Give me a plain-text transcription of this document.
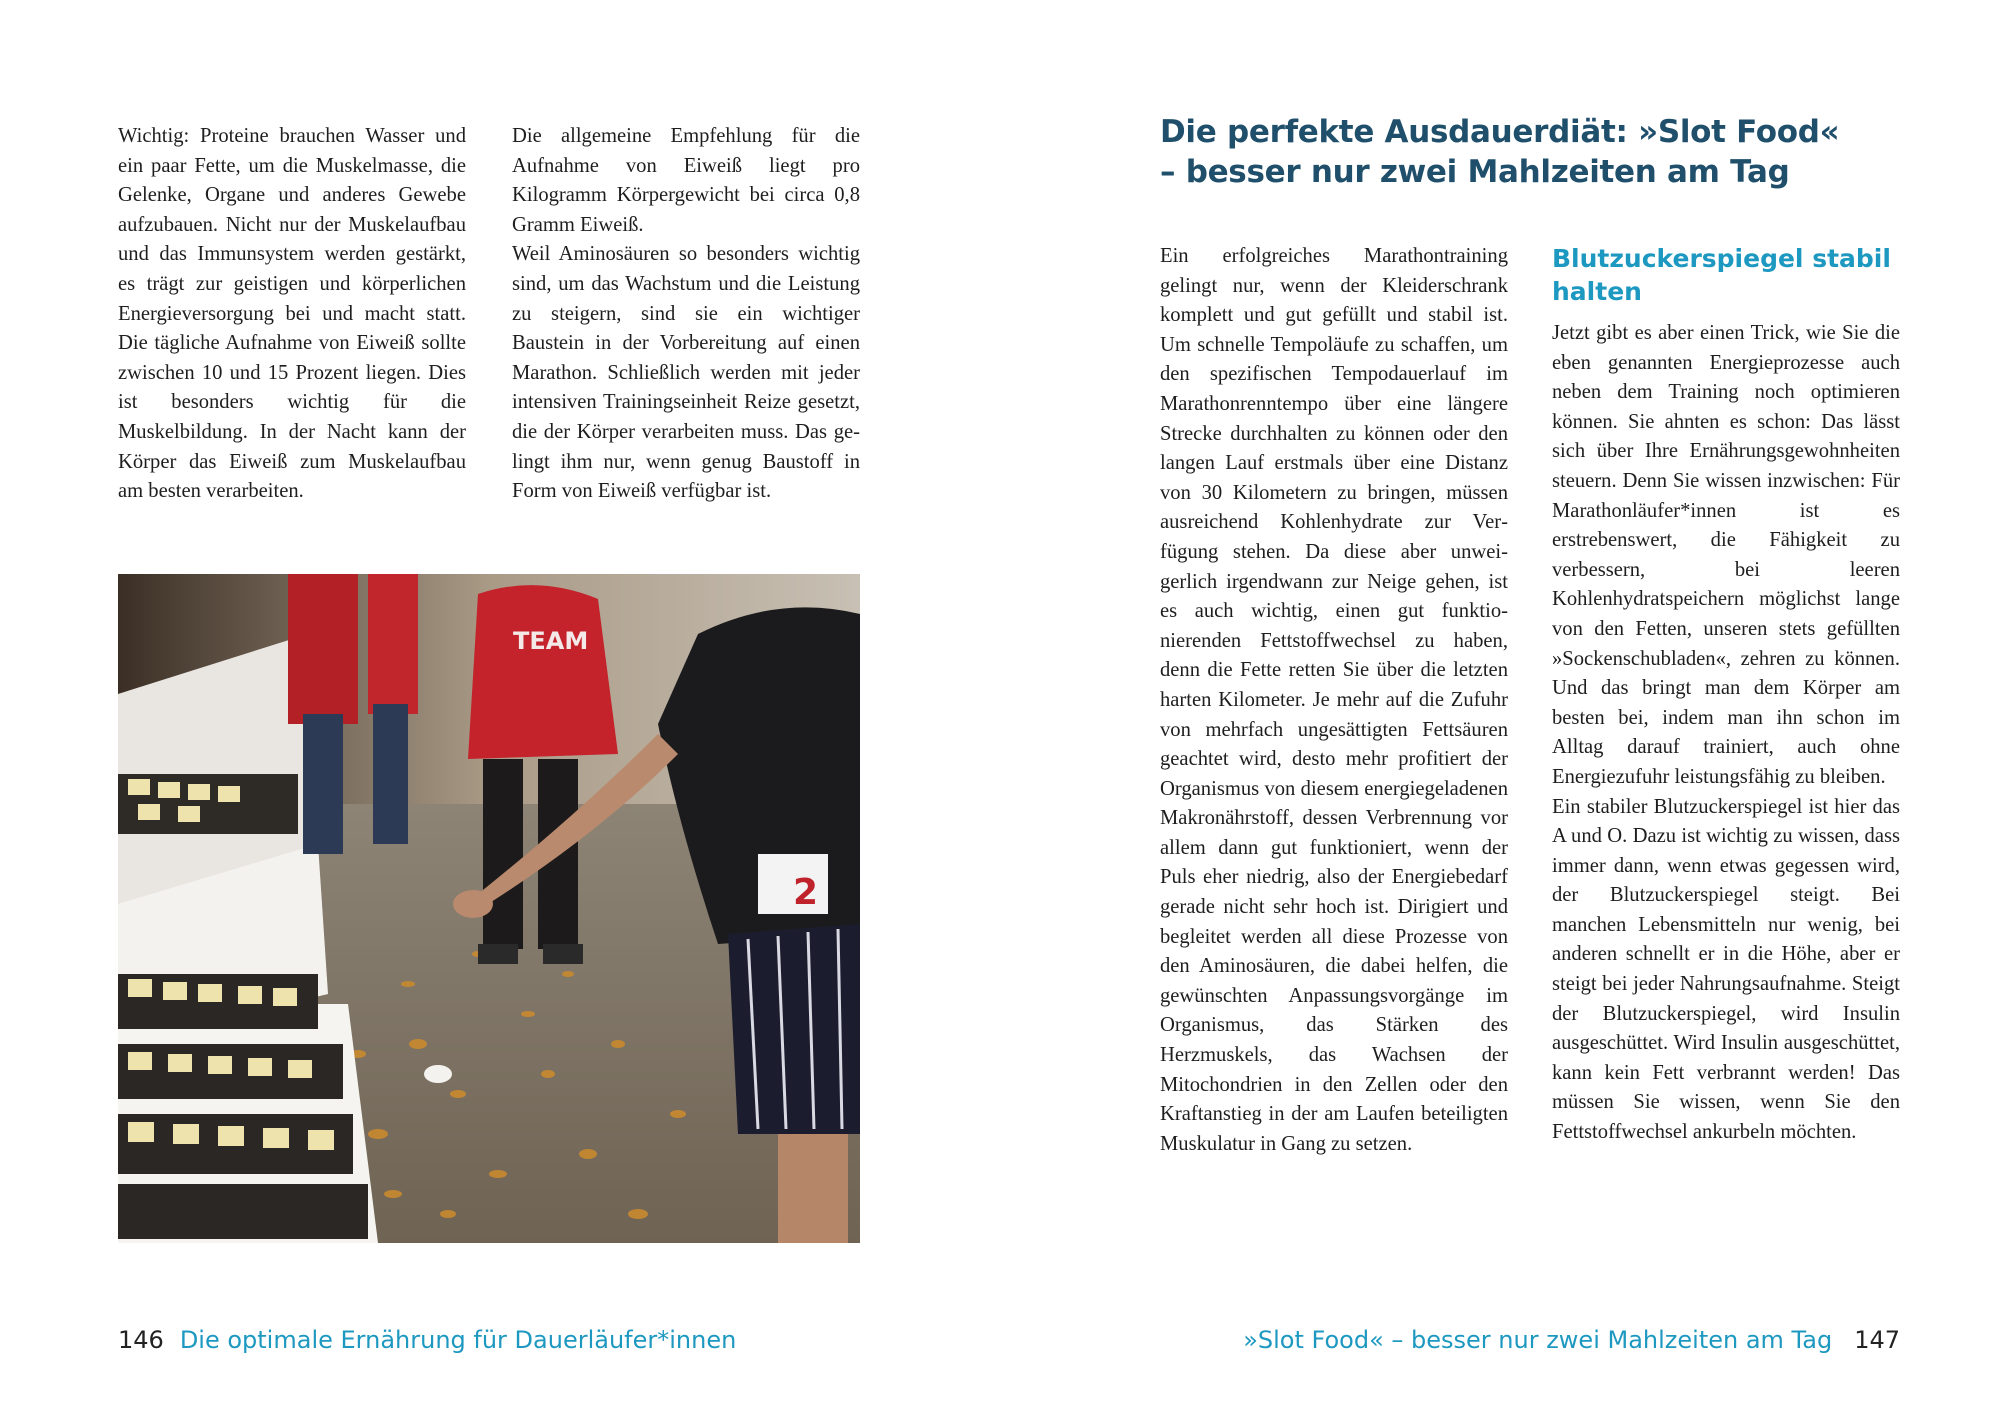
Wichtig: Proteine brauchen Wasser und ein paar Fette, um die Muskelmasse, die Gelenke, Organe und anderes Gewebe aufzubauen. Nicht nur der Muskelaufbau und das Immunsystem werden gestärkt, es trägt zur geistigen und körperlichen Energieversorgung bei und macht statt. Die tägliche Aufnahme von Eiweiß sollte zwischen 10 und 15 Prozent liegen. Dies ist besonders wichtig für die Muskelbildung. In der Nacht kann der Körper das Eiweiß zum Muskelaufbau am besten verarbeiten.

Die allgemeine Empfehlung für die Aufnahme von Eiweiß liegt pro Kilogramm Körpergewicht bei circa 0,8 Gramm Eiweiß.

Weil Aminosäuren so besonders wichtig sind, um das Wachstum und die Leistung zu steigern, sind sie ein wichtiger Baustein in der Vorbereitung auf einen Marathon. Schließlich werden mit jeder intensiven Trainingseinheit Reize gesetzt, die der Körper verarbeiten muss. Das gelingt ihm nur, wenn genug Baustoff in Form von Eiweiß verfügbar ist.

TEAM
2
146 Die optimale Ernährung für Dauerläufer*innen
Die perfekte Ausdauerdiät: »Slot Food« – besser nur zwei Mahlzeiten am Tag

Ein erfolgreiches Marathontraining gelingt nur, wenn der Kleiderschrank komplett und gut gefüllt und stabil ist. Um schnelle Tempoläufe zu schaffen, um den spezifischen Tempodauerlauf im Marathonrenntempo über eine längere Strecke durchhalten zu können oder den langen Lauf erstmals über eine Distanz von 30 Kilometern zu bringen, müssen ausreichend Kohlenhydrate zur Verfügung stehen. Da diese aber unweigerlich irgendwann zur Neige gehen, ist es auch wichtig, einen gut funktionierenden Fettstoffwechsel zu haben, denn die Fette retten Sie über die letzten harten Kilometer. Je mehr auf die Zufuhr von mehrfach ungesättigten Fettsäuren geachtet wird, desto mehr profitiert der Organismus von diesem energiegeladenen Makronährstoff, dessen Verbrennung vor allem dann gut funktioniert, wenn der Puls eher niedrig, also der Energiebedarf gerade nicht sehr hoch ist. Dirigiert und begleitet werden all diese Prozesse von den Aminosäuren, die dabei helfen, die gewünschten Anpassungsvorgänge im Organismus, das Stärken des Herzmuskels, das Wachsen der Mitochondrien in den Zellen oder den Kraftanstieg in der am Laufen beteiligten Muskulatur in Gang zu setzen.

Blutzuckerspiegel stabil halten

Jetzt gibt es aber einen Trick, wie Sie die eben genannten Energieprozesse auch neben dem Training noch optimieren können. Sie ahnten es schon: Das lässt sich über Ihre Ernährungsgewohnheiten steuern. Denn Sie wissen inzwischen: Für Marathonläufer*innen ist es erstrebenswert, die Fähigkeit zu verbessern, bei leeren Kohlenhydratspeichern möglichst lange von den Fetten, unseren stets gefüllten »Sockenschubladen«, zehren zu können. Und das bringt man dem Körper am besten bei, indem man ihn schon im Alltag darauf trainiert, auch ohne Energiezufuhr leistungsfähig zu bleiben.

Ein stabiler Blutzuckerspiegel ist hier das A und O. Dazu ist wichtig zu wissen, dass immer dann, wenn etwas gegessen wird, der Blutzuckerspiegel steigt. Bei manchen Lebensmitteln nur wenig, bei anderen schnellt er in die Höhe, aber er steigt bei jeder Nahrungsaufnahme. Steigt der Blutzuckerspiegel, wird Insulin ausgeschüttet. Wird Insulin ausgeschüttet, kann kein Fett verbrannt werden! Das müssen Sie wissen, wenn Sie den Fettstoffwechsel ankurbeln möchten.

»Slot Food« – besser nur zwei Mahlzeiten am Tag 147
